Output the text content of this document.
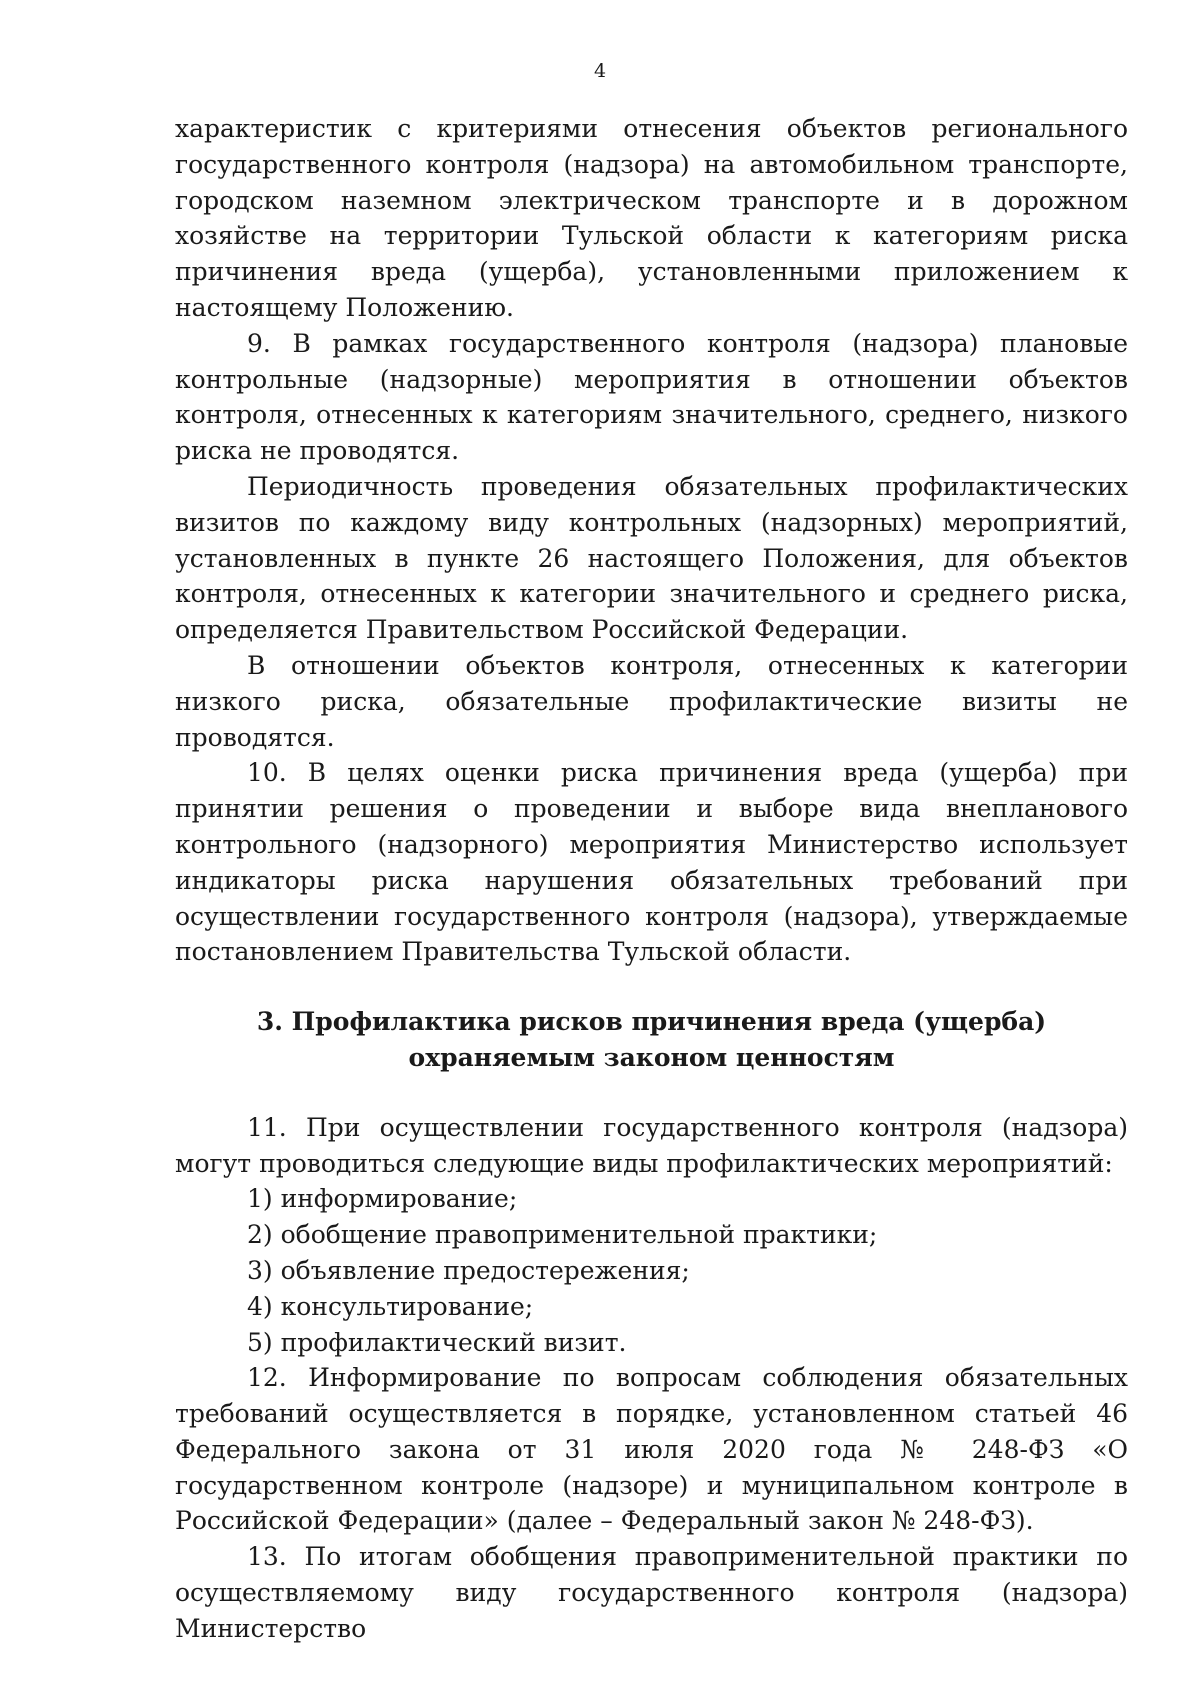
4

характеристик с критериями отнесения объектов регионального государственного контроля (надзора) на автомобильном транспорте, городском наземном электрическом транспорте и в дорожном хозяйстве на территории Тульской области к категориям риска причинения вреда (ущерба), установленными приложением к настоящему Положению.

9. В рамках государственного контроля (надзора) плановые контрольные (надзорные) мероприятия в отношении объектов контроля, отнесенных к категориям значительного, среднего, низкого риска не проводятся.

Периодичность проведения обязательных профилактических визитов по каждому виду контрольных (надзорных) мероприятий, установленных в пункте 26 настоящего Положения, для объектов контроля, отнесенных к категории значительного и среднего риска, определяется Правительством Российской Федерации.

В отношении объектов контроля, отнесенных к категории низкого риска, обязательные профилактические визиты не проводятся.

10. В целях оценки риска причинения вреда (ущерба) при принятии решения о проведении и выборе вида внепланового контрольного (надзорного) мероприятия Министерство использует индикаторы риска нарушения обязательных требований при осуществлении государственного контроля (надзора), утверждаемые постановлением Правительства Тульской области.

3. Профилактика рисков причинения вреда (ущерба)
охраняемым законом ценностям

11. При осуществлении государственного контроля (надзора) могут проводиться следующие виды профилактических мероприятий:

1) информирование;

2) обобщение правоприменительной практики;

3) объявление предостережения;

4) консультирование;

5) профилактический визит.

12. Информирование по вопросам соблюдения обязательных требований осуществляется в порядке, установленном статьей 46 Федерального закона от 31 июля 2020 года № 248-ФЗ «О государственном контроле (надзоре) и муниципальном контроле в Российской Федерации» (далее – Федеральный закон № 248-ФЗ).

13. По итогам обобщения правоприменительной практики по осуществляемому виду государственного контроля (надзора) Министерство
